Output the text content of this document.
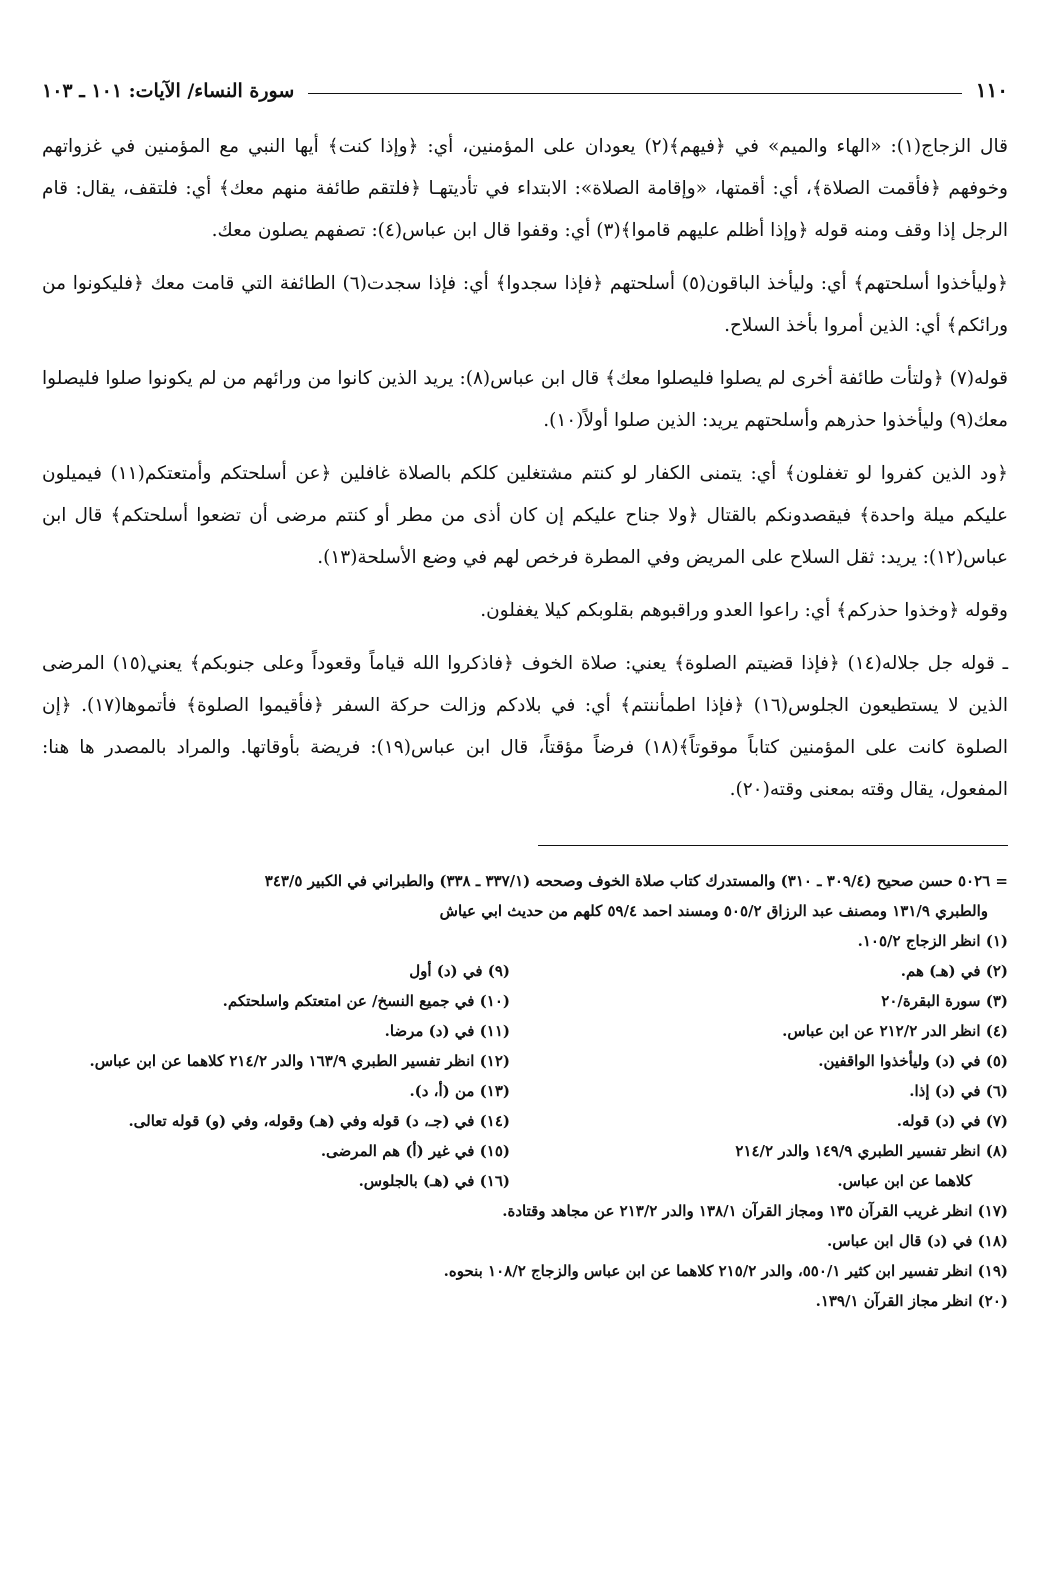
١١٠
سورة النساء/ الآيات: ١٠١ ـ ١٠٣

قال الزجاج(١): «الهاء والميم» في ﴿فيهم﴾(٢) يعودان على المؤمنين، أي: ﴿وإذا كنت﴾ أيها النبي مع المؤمنين في غزواتهم وخوفهم ﴿فأقمت الصلاة﴾، أي: أقمتها، «وإقامة الصلاة»: الابتداء في تأديتهـا ﴿فلتقم طائفة منهم معك﴾ أي: فلتقف، يقال: قام الرجل إذا وقف ومنه قوله ﴿وإذا أظلم عليهم قاموا﴾(٣) أي: وقفوا قال ابن عباس(٤): تصفهم يصلون معك.

﴿وليأخذوا أسلحتهم﴾ أي: وليأخذ الباقون(٥) أسلحتهم ﴿فإذا سجدوا﴾ أي: فإذا سجدت(٦) الطائفة التي قامت معك ﴿فليكونوا من ورائكم﴾ أي: الذين أمروا بأخذ السلاح.

قوله(٧) ﴿ولتأت طائفة أخرى لم يصلوا فليصلوا معك﴾ قال ابن عباس(٨): يريد الذين كانوا من ورائهم من لم يكونوا صلوا فليصلوا معك(٩) وليأخذوا حذرهم وأسلحتهم يريد: الذين صلوا أولاً(١٠).

﴿ود الذين كفروا لو تغفلون﴾ أي: يتمنى الكفار لو كنتم مشتغلين كلكم بالصلاة غافلين ﴿عن أسلحتكم وأمتعتكم(١١) فيميلون عليكم ميلة واحدة﴾ فيقصدونكم بالقتال ﴿ولا جناح عليكم إن كان أذى من مطر أو كنتم مرضى أن تضعوا أسلحتكم﴾ قال ابن عباس(١٢): يريد: ثقل السلاح على المريض وفي المطرة فرخص لهم في وضع الأسلحة(١٣).

وقوله ﴿وخذوا حذركم﴾ أي: راعوا العدو وراقبوهم بقلوبكم كيلا يغفلون.

ـ قوله جل جلاله(١٤) ﴿فإذا قضيتم الصلوة﴾ يعني: صلاة الخوف ﴿فاذكروا الله قياماً وقعوداً وعلى جنوبكم﴾ يعني(١٥) المرضى الذين لا يستطيعون الجلوس(١٦) ﴿فإذا اطمأننتم﴾ أي: في بلادكم وزالت حركة السفر ﴿فأقيموا الصلوة﴾ فأتموها(١٧). ﴿إن الصلوة كانت على المؤمنين كتاباً موقوتاً﴾(١٨) فرضاً مؤقتاً، قال ابن عباس(١٩): فريضة بأوقاتها. والمراد بالمصدر ها هنا: المفعول، يقال وقته بمعنى وقته(٢٠).

= ٥٠٢٦ حسن صحيح (٣٠٩/٤ ـ ٣١٠) والمستدرك كتاب صلاة الخوف وصححه (٣٣٧/١ ـ ٣٣٨) والطبراني في الكبير ٣٤٣/٥

والطبري ١٣١/٩ ومصنف عبد الرزاق ٥٠٥/٢ ومسند احمد ٥٩/٤ كلهم من حديث ابي عياش

(١) انظر الزجاج ١٠٥/٢.

(٢) في (هـ) هم.
(٩) في (د) أول
(٣) سورة البقرة/٢٠
(١٠) في جميع النسخ/ عن امتعتكم واسلحتكم.
(٤) انظر الدر ٢١٢/٢ عن ابن عباس.
(١١) في (د) مرضا.
(٥) في (د) وليأخذوا الواقفين.
(١٢) انظر تفسير الطبري ١٦٣/٩ والدر ٢١٤/٢ كلاهما عن ابن عباس.
(٦) في (د) إذا.
(١٣) من (أ، د).
(٧) في (د) قوله.
(١٤) في (جـ، د) قوله وفي (هـ) وقوله، وفي (و) قوله تعالى.
(٨) انظر تفسير الطبري ١٤٩/٩ والدر ٢١٤/٢
(١٥) في غير (أ) هم المرضى.
كلاهما عن ابن عباس.
(١٦) في (هـ) بالجلوس.

(١٧) انظر غريب القرآن ١٣٥ ومجاز القرآن ١٣٨/١ والدر ٢١٣/٢ عن مجاهد وقتادة.

(١٨) في (د) قال ابن عباس.

(١٩) انظر تفسير ابن كثير ٥٥٠/١، والدر ٢١٥/٢ كلاهما عن ابن عباس والزجاج ١٠٨/٢ بنحوه.

(٢٠) انظر مجاز القرآن ١٣٩/١.
